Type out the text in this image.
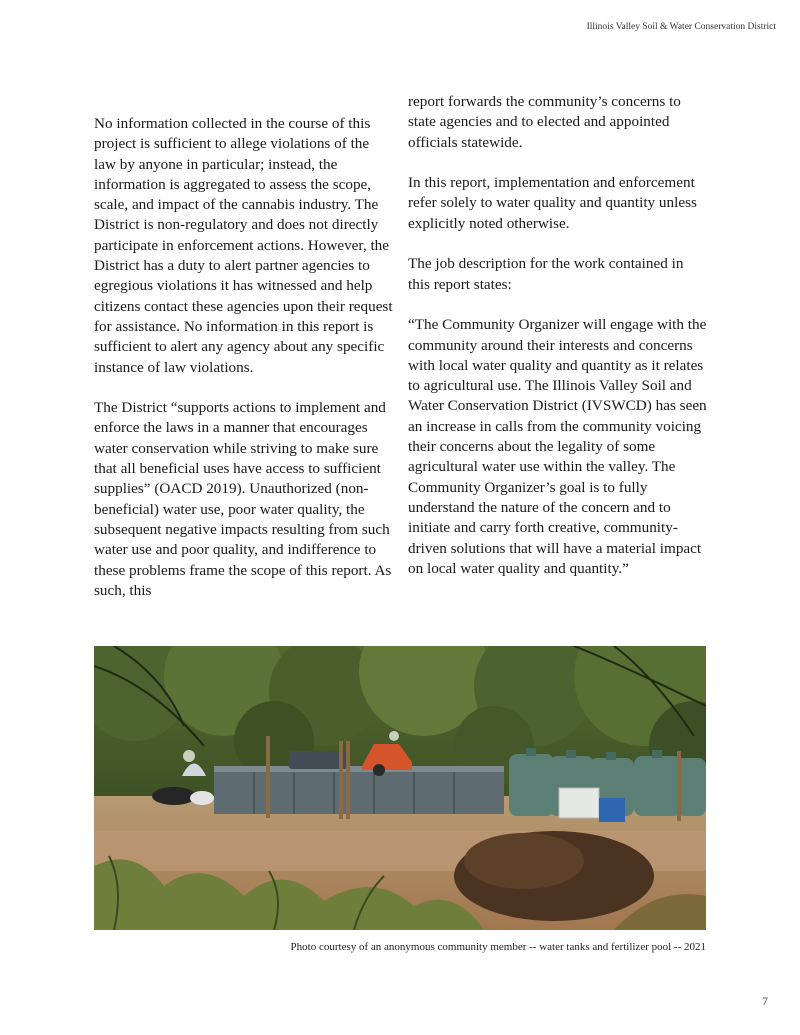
Illinois Valley Soil & Water Conservation District

No information collected in the course of this project is sufficient to allege violations of the law by anyone in particular; instead, the information is aggregated to assess the scope, scale, and impact of the cannabis industry. The District is non-regulatory and does not directly participate in enforcement actions. However, the District has a duty to alert partner agencies to egregious violations it has witnessed and help citizens contact these agencies upon their request for assistance. No information in this report is sufficient to alert any agency about any specific instance of law violations.

The District “supports actions to implement and enforce the laws in a manner that encourages water conservation while striving to make sure that all beneficial uses have access to sufficient supplies” (OACD 2019). Unauthorized (non-beneficial) water use, poor water quality, the subsequent negative impacts resulting from such water use and poor quality, and indifference to these problems frame the scope of this report. As such, this

report forwards the community’s concerns to state agencies and to elected and appointed officials statewide.

In this report, implementation and enforcement refer solely to water quality and quantity unless explicitly noted otherwise.

The job description for the work contained in this report states:

“The Community Organizer will engage with the community around their interests and concerns with local water quality and quantity as it relates to agricultural use. The Illinois Valley Soil and Water Conservation District (IVSWCD) has seen an increase in calls from the community voicing their concerns about the legality of some agricultural water use within the valley. The Community Organizer’s goal is to fully understand the nature of the concern and to initiate and carry forth creative, community-driven solutions that will have a material impact on local water quality and quantity.”

Photo courtesy of an anonymous community member -- water tanks and fertilizer pool -- 2021
7
